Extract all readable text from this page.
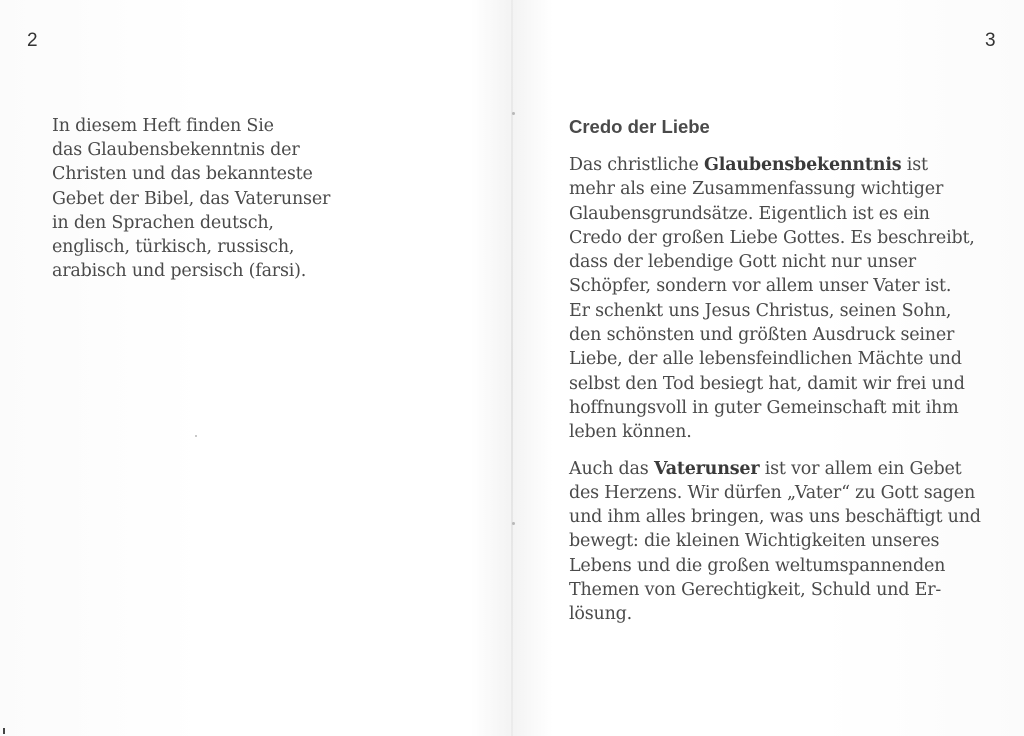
2	3
In diesem Heft finden Sie
das Glaubensbekenntnis der
Christen und das bekannteste
Gebet der Bibel, das Vaterunser
in den Sprachen deutsch,
englisch, türkisch, russisch,
arabisch und persisch (farsi).
Credo der Liebe
Das christliche Glaubensbekenntnis ist
mehr als eine Zusammenfassung wichtiger
Glaubensgrundsätze. Eigentlich ist es ein
Credo der großen Liebe Gottes. Es beschreibt,
dass der lebendige Gott nicht nur unser
Schöpfer, sondern vor allem unser Vater ist.
Er schenkt uns Jesus Christus, seinen Sohn,
den schönsten und größten Ausdruck seiner
Liebe, der alle lebensfeindlichen Mächte und
selbst den Tod besiegt hat, damit wir frei und
hoffnungsvoll in guter Gemeinschaft mit ihm
leben können.
Auch das Vaterunser ist vor allem ein Gebet
des Herzens. Wir dürfen „Vater“ zu Gott sagen
und ihm alles bringen, was uns beschäftigt und
bewegt: die kleinen Wichtigkeiten unseres
Lebens und die großen weltumspannenden
Themen von Gerechtigkeit, Schuld und Er-
lösung.
